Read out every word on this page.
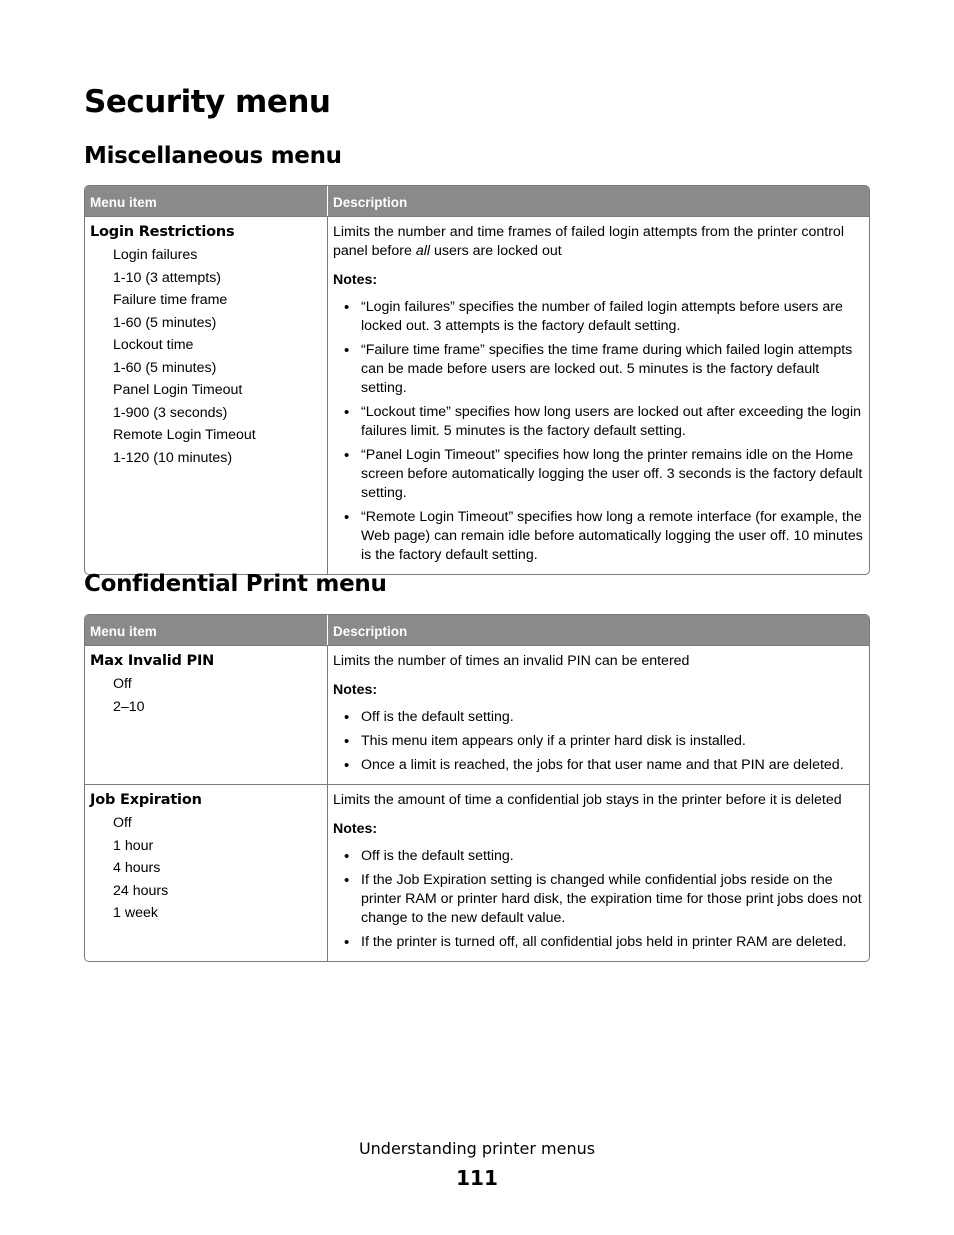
Security menu
Miscellaneous menu
Menu item	Description
Login Restrictions
Login failures
1-10 (3 attempts)
Failure time frame
1-60 (5 minutes)
Lockout time
1-60 (5 minutes)
Panel Login Timeout
1-900 (3 seconds)
Remote Login Timeout
1-120 (10 minutes)

Limits the number and time frames of failed login attempts from the printer control panel before all users are locked out

Notes:

• “Login failures” specifies the number of failed login attempts before users are locked out. 3 attempts is the factory default setting.
• “Failure time frame” specifies the time frame during which failed login attempts can be made before users are locked out. 5 minutes is the factory default setting.
• “Lockout time” specifies how long users are locked out after exceeding the login failures limit. 5 minutes is the factory default setting.
• “Panel Login Timeout” specifies how long the printer remains idle on the Home screen before automatically logging the user off. 3 seconds is the factory default setting.
• “Remote Login Timeout” specifies how long a remote interface (for example, the Web page) can remain idle before automatically logging the user off. 10 minutes is the factory default setting.
Confidential Print menu
Menu item	Description
Max Invalid PIN
Off
2–10

Limits the number of times an invalid PIN can be entered

Notes:

• Off is the default setting.
• This menu item appears only if a printer hard disk is installed.
• Once a limit is reached, the jobs for that user name and that PIN are deleted.
Job Expiration
Off
1 hour
4 hours
24 hours
1 week

Limits the amount of time a confidential job stays in the printer before it is deleted

Notes:

• Off is the default setting.
• If the Job Expiration setting is changed while confidential jobs reside on the printer RAM or printer hard disk, the expiration time for those print jobs does not change to the new default value.
• If the printer is turned off, all confidential jobs held in printer RAM are deleted.
Understanding printer menus
111
